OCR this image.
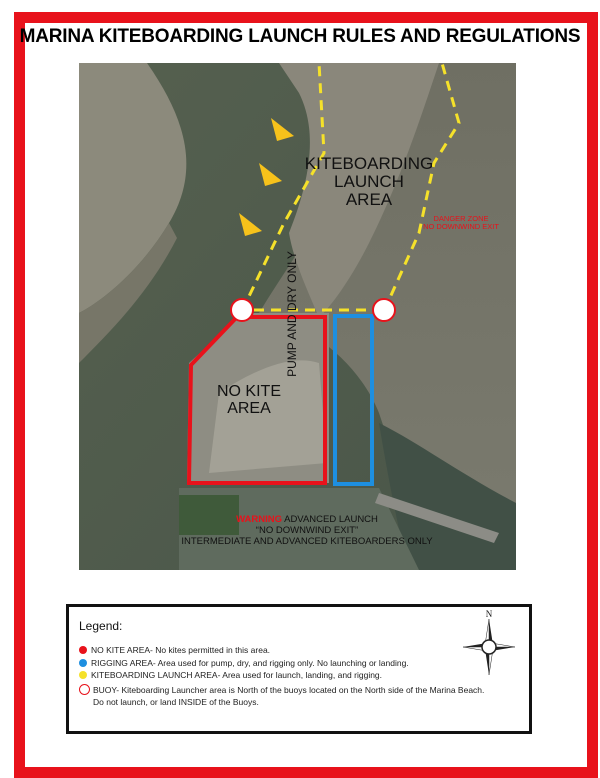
MARINA KITEBOARDING LAUNCH RULES AND REGULATIONS
KITEBOARDING
LAUNCH
AREA
NO KITE
AREA
PUMP AND DRY ONLY
DANGER ZONE
NO DOWNWIND EXIT
WARNING ADVANCED LAUNCH
“NO DOWNWIND EXIT”
INTERMEDIATE AND ADVANCED KITEBOARDERS ONLY
Legend:
NO KITE AREA- No kites permitted in this area.
RIGGING AREA- Area used for pump, dry, and rigging only. No launching or landing.
KITEBOARDING LAUNCH AREA- Area used for launch, landing, and rigging.
BUOY- Kiteboarding Launcher area is North of the buoys located on the North side of the Marina Beach.
Do not launch, or land INSIDE of the Buoys.
N
